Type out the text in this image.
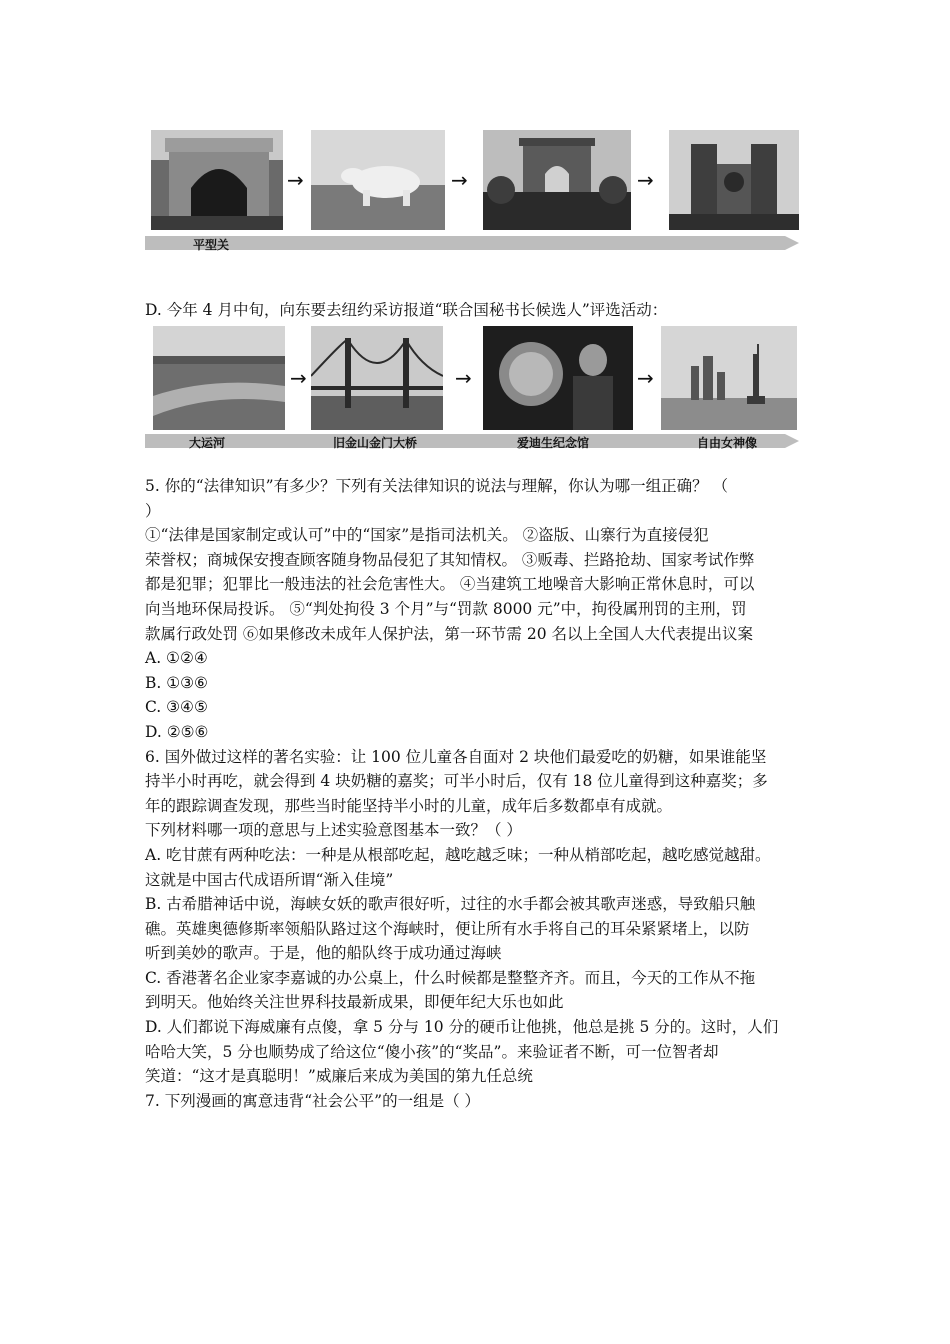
→	→	→
平型关
D. 今年 4 月中旬，向东要去纽约采访报道“联合国秘书长候选人”评选活动：
→	→	→
大运河	旧金山金门大桥	爱迪生纪念馆	自由女神像

5. 你的“法律知识”有多少？下列有关法律知识的说法与理解，你认为哪一组正确？ （

）

①“法律是国家制定或认可”中的“国家”是指司法机关。 ②盗版、山寨行为直接侵犯

荣誉权；商城保安搜查顾客随身物品侵犯了其知情权。 ③贩毒、拦路抢劫、国家考试作弊

都是犯罪；犯罪比一般违法的社会危害性大。 ④当建筑工地噪音大影响正常休息时，可以

向当地环保局投诉。 ⑤“判处拘役 3 个月”与“罚款 8000 元”中，拘役属刑罚的主刑，罚

款属行政处罚 ⑥如果修改未成年人保护法，第一环节需 20 名以上全国人大代表提出议案

A. ①②④

B. ①③⑥

C. ③④⑤

D. ②⑤⑥

6. 国外做过这样的著名实验：让 100 位儿童各自面对 2 块他们最爱吃的奶糖，如果谁能坚

持半小时再吃，就会得到 4 块奶糖的嘉奖；可半小时后，仅有 18 位儿童得到这种嘉奖；多

年的跟踪调查发现，那些当时能坚持半小时的儿童，成年后多数都卓有成就。

下列材料哪一项的意思与上述实验意图基本一致？（ ）

A. 吃甘蔗有两种吃法：一种是从根部吃起，越吃越乏味；一种从梢部吃起，越吃感觉越甜。

这就是中国古代成语所谓“渐入佳境”

B. 古希腊神话中说，海峡女妖的歌声很好听，过往的水手都会被其歌声迷惑，导致船只触

礁。英雄奥德修斯率领船队路过这个海峡时，便让所有水手将自己的耳朵紧紧堵上，以防

听到美妙的歌声。于是，他的船队终于成功通过海峡

C. 香港著名企业家李嘉诚的办公桌上，什么时候都是整整齐齐。而且，今天的工作从不拖

到明天。他始终关注世界科技最新成果，即便年纪大乐也如此

D. 人们都说下海威廉有点傻，拿 5 分与 10 分的硬币让他挑，他总是挑 5 分的。这时，人们

哈哈大笑，5 分也顺势成了给这位“傻小孩”的“奖品”。来验证者不断，可一位智者却

笑道：“这才是真聪明！”威廉后来成为美国的第九任总统

7. 下列漫画的寓意违背“社会公平”的一组是（ ）
